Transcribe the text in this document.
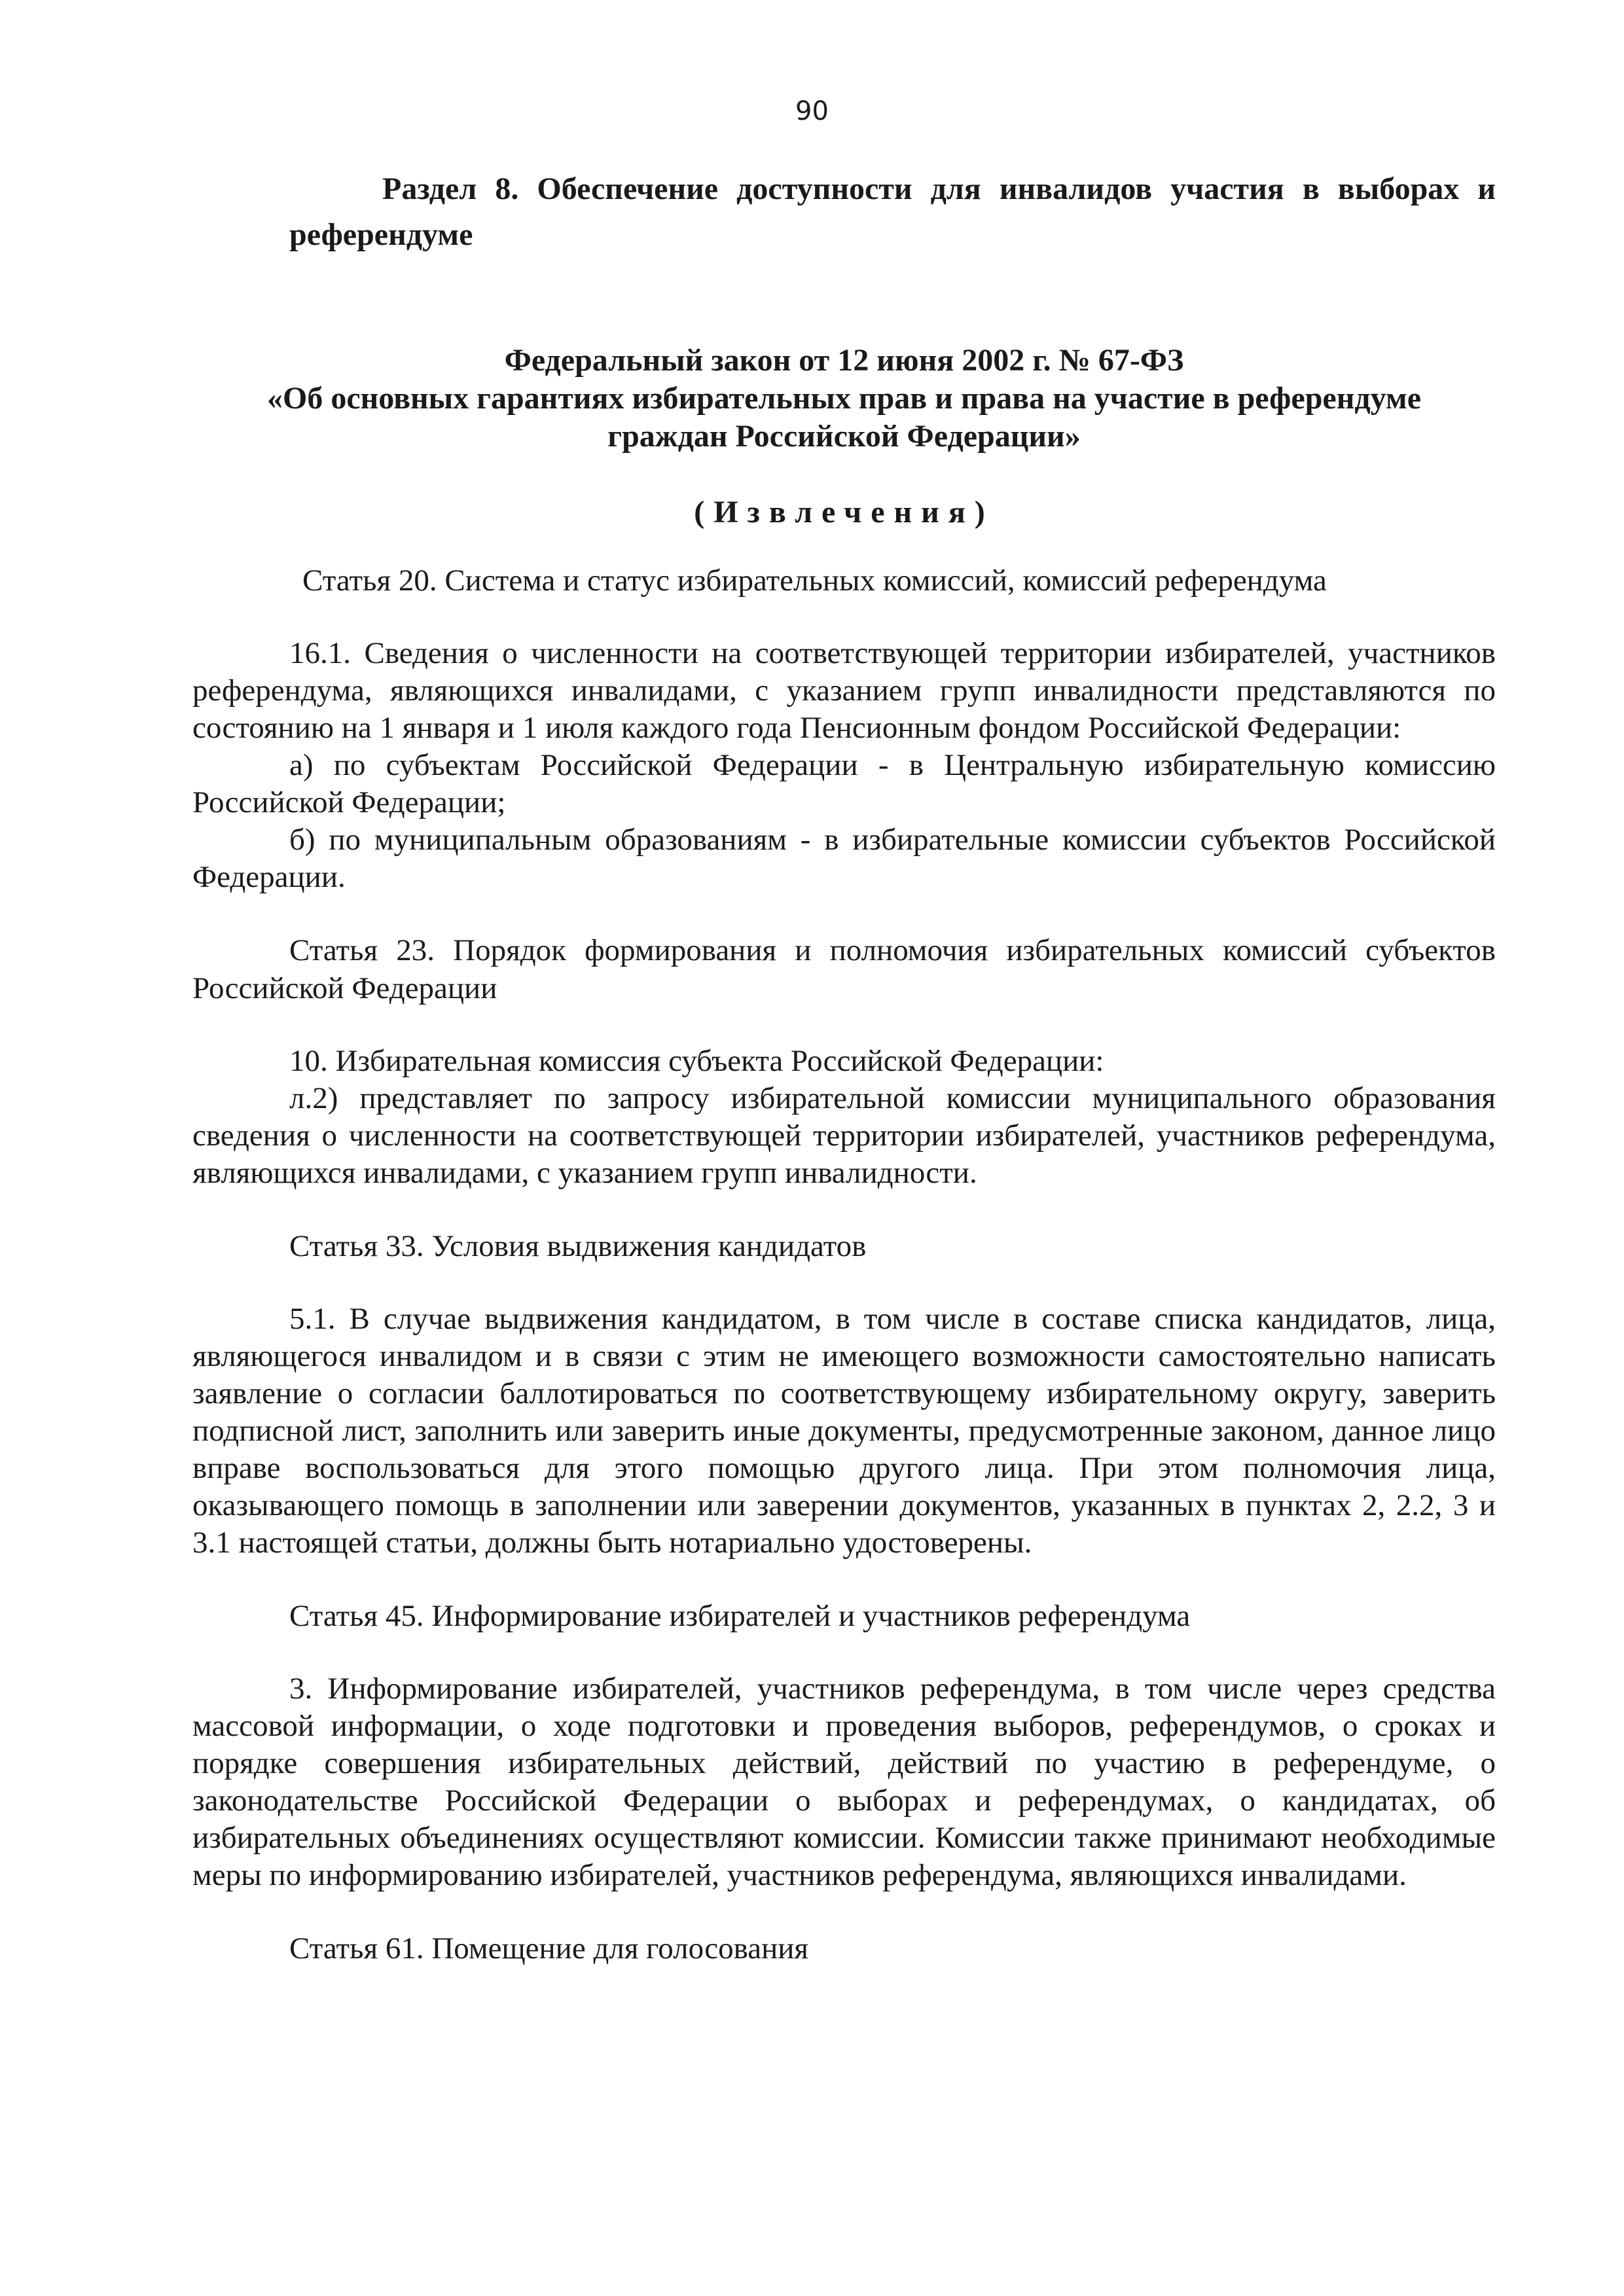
90

Раздел 8. Обеспечение доступности для инвалидов участия в выборах и референдуме

Федеральный закон от 12 июня 2002 г. № 67-ФЗ
«Об основных гарантиях избирательных прав и права на участие в референдуме
граждан Российской Федерации»
(Извлечения)

Статья 20. Система и статус избирательных комиссий, комиссий референдума

16.1. Сведения о численности на соответствующей территории избирателей, участников референдума, являющихся инвалидами, с указанием групп инвалидности представляются по состоянию на 1 января и 1 июля каждого года Пенсионным фондом Российской Федерации:

а) по субъектам Российской Федерации - в Центральную избирательную комиссию Российской Федерации;

б) по муниципальным образованиям - в избирательные комиссии субъектов Российской Федерации.

Статья 23. Порядок формирования и полномочия избирательных комиссий субъектов Российской Федерации

10. Избирательная комиссия субъекта Российской Федерации:

л.2) представляет по запросу избирательной комиссии муниципального образования сведения о численности на соответствующей территории избирателей, участников референдума, являющихся инвалидами, с указанием групп инвалидности.

Статья 33. Условия выдвижения кандидатов

5.1. В случае выдвижения кандидатом, в том числе в составе списка кандидатов, лица, являющегося инвалидом и в связи с этим не имеющего возможности самостоятельно написать заявление о согласии баллотироваться по соответствующему избирательному округу, заверить подписной лист, заполнить или заверить иные документы, предусмотренные законом, данное лицо вправе воспользоваться для этого помощью другого лица. При этом полномочия лица, оказывающего помощь в заполнении или заверении документов, указанных в пунктах 2, 2.2, 3 и 3.1 настоящей статьи, должны быть нотариально удостоверены.

Статья 45. Информирование избирателей и участников референдума

3. Информирование избирателей, участников референдума, в том числе через средства массовой информации, о ходе подготовки и проведения выборов, референдумов, о сроках и порядке совершения избирательных действий, действий по участию в референдуме, о законодательстве Российской Федерации о выборах и референдумах, о кандидатах, об избирательных объединениях осуществляют комиссии. Комиссии также принимают необходимые меры по информированию избирателей, участников референдума, являющихся инвалидами.

Статья 61. Помещение для голосования
